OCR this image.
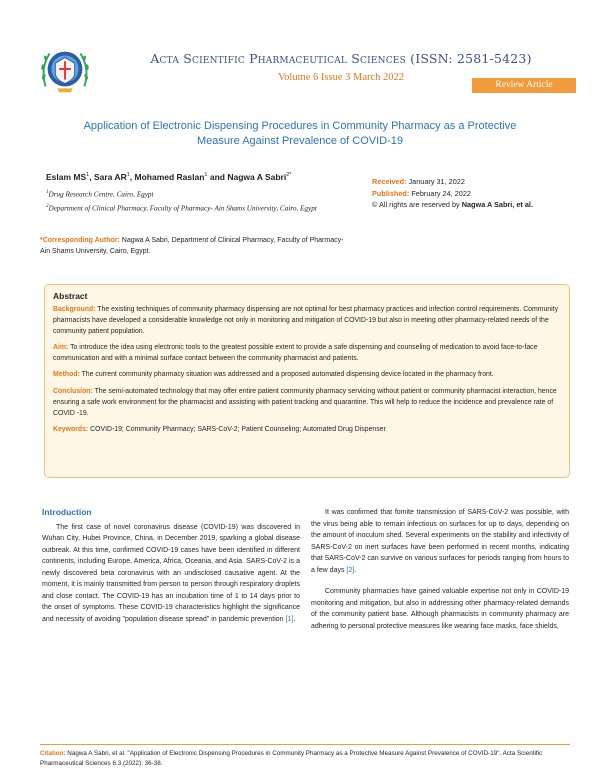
Acta Scientific Pharmaceutical Sciences (ISSN: 2581-5423)
Volume 6 Issue 3 March 2022
Review Article
Application of Electronic Dispensing Procedures in Community Pharmacy as a Protective
Measure Against Prevalence of COVID-19
Eslam $MS^1$, Sara $AR^1$, Mohamed Raslan$^1$ and Nagwa A Sabri$^{2*}$
$^1$Drug Research Centre, Cairo, Egypt
$^2$Department of Clinical Pharmacy, Faculty of Pharmacy- Ain Shams University, Cairo, Egypt
*Corresponding Author: Nagwa A Sabri, Department of Clinical Pharmacy, Faculty of Pharmacy- Ain Shams University, Cairo, Egypt.
Received: January 31, 2022
Published: February 24, 2022
© All rights are reserved by Nagwa A Sabri, et al.
Abstract

Background: The existing techniques of community pharmacy dispensing are not optimal for best pharmacy practices and infection control requirements. Community pharmacists have developed a considerable knowledge not only in monitoring and mitigation of COVID-19 but also in meeting other pharmacy-related needs of the community patient population.

Aim: To introduce the idea using electronic tools to the greatest possible extent to provide a safe dispensing and counseling of medication to avoid face-to-face communication and with a minimal surface contact between the community pharmacist and patients.

Method: The current community pharmacy situation was addressed and a proposed automated dispensing device located in the pharmacy front.

Conclusion: The semi-automated technology that may offer entire patient community pharmacy servicing without patient or community pharmacist interaction, hence ensuring a safe work environment for the pharmacist and assisting with patient tracking and quarantine. This will help to reduce the incidence and prevalence rate of COVID -19.

Keywords: COVID-19; Community Pharmacy; SARS-CoV-2; Patient Counseling; Automated Drug Dispenser

Introduction

The first case of novel coronavirus disease (COVID-19) was discovered in Wuhan City, Hubei Province, China, in December 2019, sparking a global disease outbreak. At this time, confirmed COVID-19 cases have been identified in different continents, including Europe, America, Africa, Oceania, and Asia. SARS-CoV-2 is a newly discovered beta coronavirus with an undisclosed causative agent. At the moment, it is mainly transmitted from person to person through respiratory droplets and close contact. The COVID-19 has an incubation time of 1 to 14 days prior to the onset of symptoms. These COVID-19 characteristics highlight the significance and necessity of avoiding "population disease spread" in pandemic prevention [1].

It was confirmed that fomite transmission of SARS-CoV-2 was possible, with the virus being able to remain infectious on surfaces for up to days, depending on the amount of inoculum shed. Several experiments on the stability and infectivity of SARS-CoV-2 on inert surfaces have been performed in recent months, indicating that SARS-CoV-2 can survive on various surfaces for periods ranging from hours to a few days [2].

Community pharmacies have gained valuable expertise not only in COVID-19 monitoring and mitigation, but also in addressing other pharmacy-related demands of the community patient base. Although pharmacists in community pharmacy are adhering to personal protective measures like wearing face masks, face shields,

Citation: Nagwa A Sabri, et al. "Application of Electronic Dispensing Procedures in Community Pharmacy as a Protective Measure Against Prevalence of COVID-19". Acta Scientific Pharmaceutical Sciences 6.3 (2022): 36-38.
